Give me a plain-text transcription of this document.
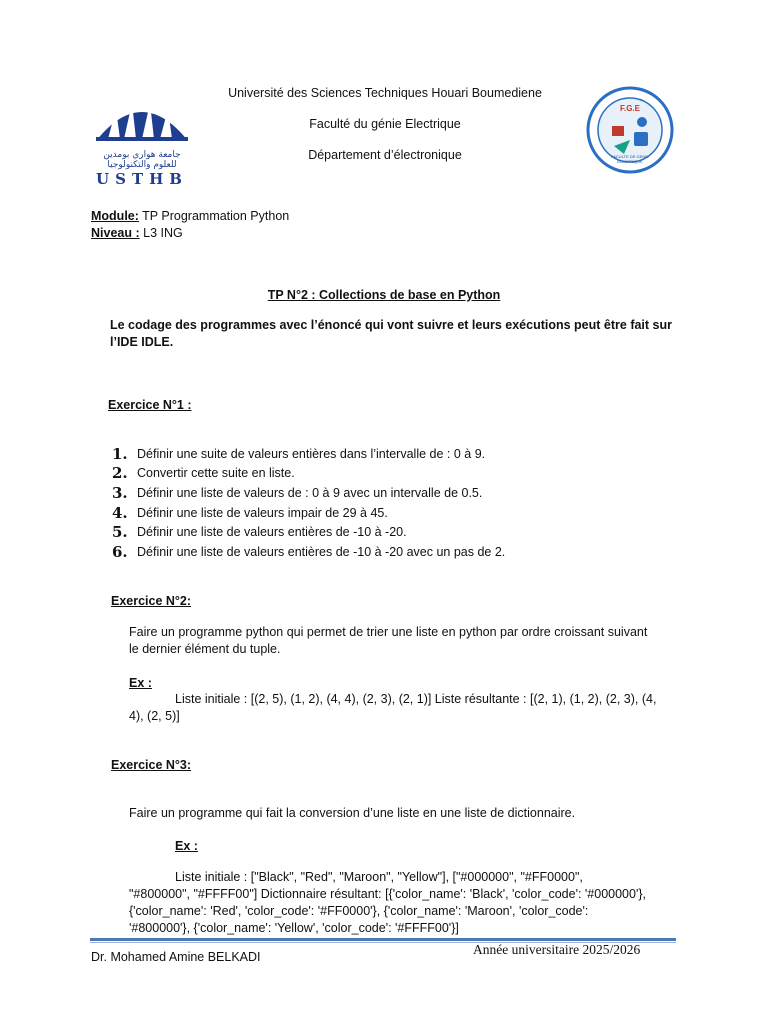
جامعة هواري بومدين للعلوم والتكنولوجيا
USTHB
FACULTE DE GENIE ELECTRIQUE
F.G.E
Université des Sciences Techniques Houari Boumediene
Faculté du génie Electrique
Département d’électronique
Module: TP Programmation Python
Niveau : L3 ING
TP N°2 : Collections de base en Python
Le codage des programmes avec l’énoncé qui vont suivre et leurs exécutions peut être fait sur
l’IDE IDLE.
Exercice N°1 :
1. Définir une suite de valeurs entières dans l’intervalle de : 0 à 9.
2. Convertir cette suite en liste.
3. Définir une liste de valeurs de : 0 à 9 avec un intervalle de 0.5.
4. Définir une liste de valeurs impair de 29 à 45.
5. Définir une liste de valeurs entières de -10 à -20.
6. Définir une liste de valeurs entières de -10 à -20 avec un pas de 2.
Exercice N°2:
Faire un programme python qui permet de trier une liste en python par ordre croissant suivant
le dernier élément du tuple.
Ex :
Liste initiale : [(2, 5), (1, 2), (4, 4), (2, 3), (2, 1)] Liste résultante : [(2, 1), (1, 2), (2, 3), (4,
4), (2, 5)]
Exercice N°3:
Faire un programme qui fait la conversion d’une liste en une liste de dictionnaire.
Ex :
Liste initiale : ["Black", "Red", "Maroon", "Yellow"], ["#000000", "#FF0000",
"#800000", "#FFFF00"] Dictionnaire résultant: [{'color_name': 'Black', 'color_code': '#000000'},
{'color_name': 'Red', 'color_code': '#FF0000'}, {'color_name': 'Maroon', 'color_code':
'#800000'}, {'color_name': 'Yellow', 'color_code': '#FFFF00'}]
Année universitaire 2025/2026
Dr. Mohamed Amine BELKADI
